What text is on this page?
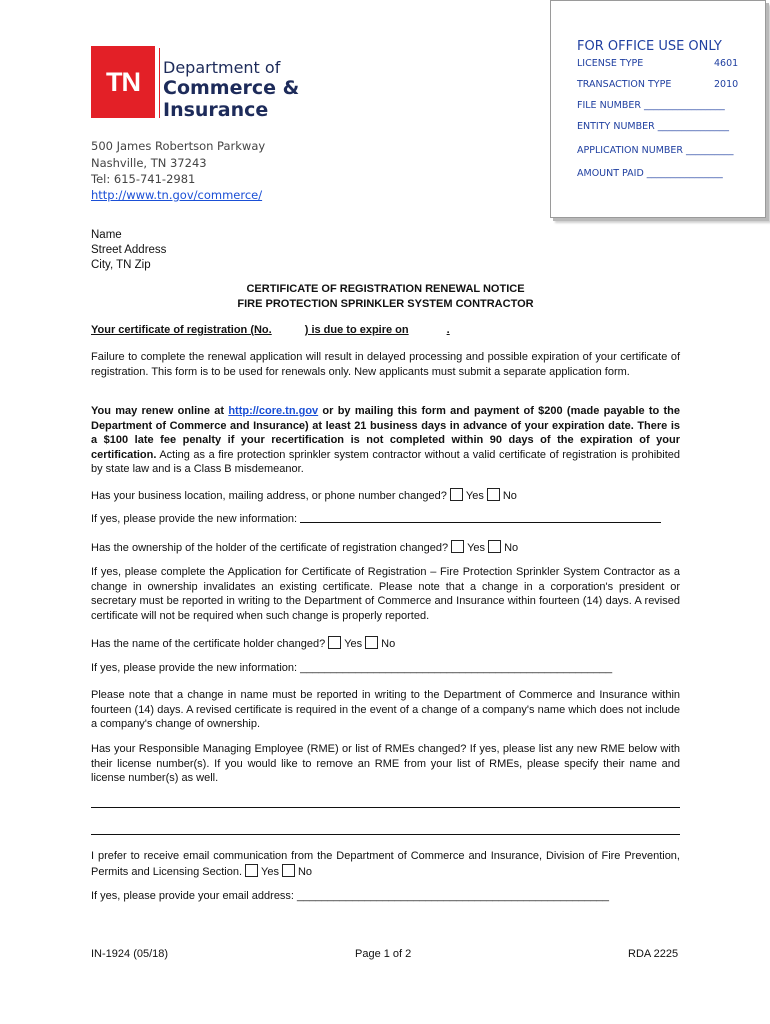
FOR OFFICE USE ONLY
LICENSE TYPE	4601
TRANSACTION TYPE	2010
FILE NUMBER _________________
ENTITY NUMBER _______________
APPLICATION NUMBER __________
AMOUNT PAID ________________
TN	Department of
Commerce &
Insurance
500 James Robertson Parkway
Nashville, TN 37243
Tel: 615-741-2981
http://www.tn.gov/commerce/
Name
Street Address
City, TN Zip
CERTIFICATE OF REGISTRATION RENEWAL NOTICE
FIRE PROTECTION SPRINKLER SYSTEM CONTRACTOR
Your certificate of registration (No.	) is due to expire on	.
Failure to complete the renewal application will result in delayed processing and possible expiration of your certificate of registration. This form is to be used for renewals only. New applicants must submit a separate application form.
You may renew online at http://core.tn.gov or by mailing this form and payment of $200 (made payable to the Department of Commerce and Insurance) at least 21 business days in advance of your expiration date. There is a $100 late fee penalty if your recertification is not completed within 90 days of the expiration of your certification. Acting as a fire protection sprinkler system contractor without a valid certificate of registration is prohibited by state law and is a Class B misdemeanor.
Has your business location, mailing address, or phone number changed? Yes No
If yes, please provide the new information:
Has the ownership of the holder of the certificate of registration changed? Yes No
If yes, please complete the Application for Certificate of Registration – Fire Protection Sprinkler System Contractor as a change in ownership invalidates an existing certificate. Please note that a change in a corporation's president or secretary must be reported in writing to the Department of Commerce and Insurance within fourteen (14) days. A revised certificate will not be required when such change is properly reported.
Has the name of the certificate holder changed? Yes No
If yes, please provide the new information: ___________________________________________________
Please note that a change in name must be reported in writing to the Department of Commerce and Insurance within fourteen (14) days. A revised certificate is required in the event of a change of a company's name which does not include a company's change of ownership.
Has your Responsible Managing Employee (RME) or list of RMEs changed? If yes, please list any new RME below with their license number(s). If you would like to remove an RME from your list of RMEs, please specify their name and license number(s) as well.
I prefer to receive email communication from the Department of Commerce and Insurance, Division of Fire Prevention, Permits and Licensing Section. Yes No
If yes, please provide your email address: ___________________________________________________
IN-1924 (05/18)	Page 1 of 2	RDA 2225
